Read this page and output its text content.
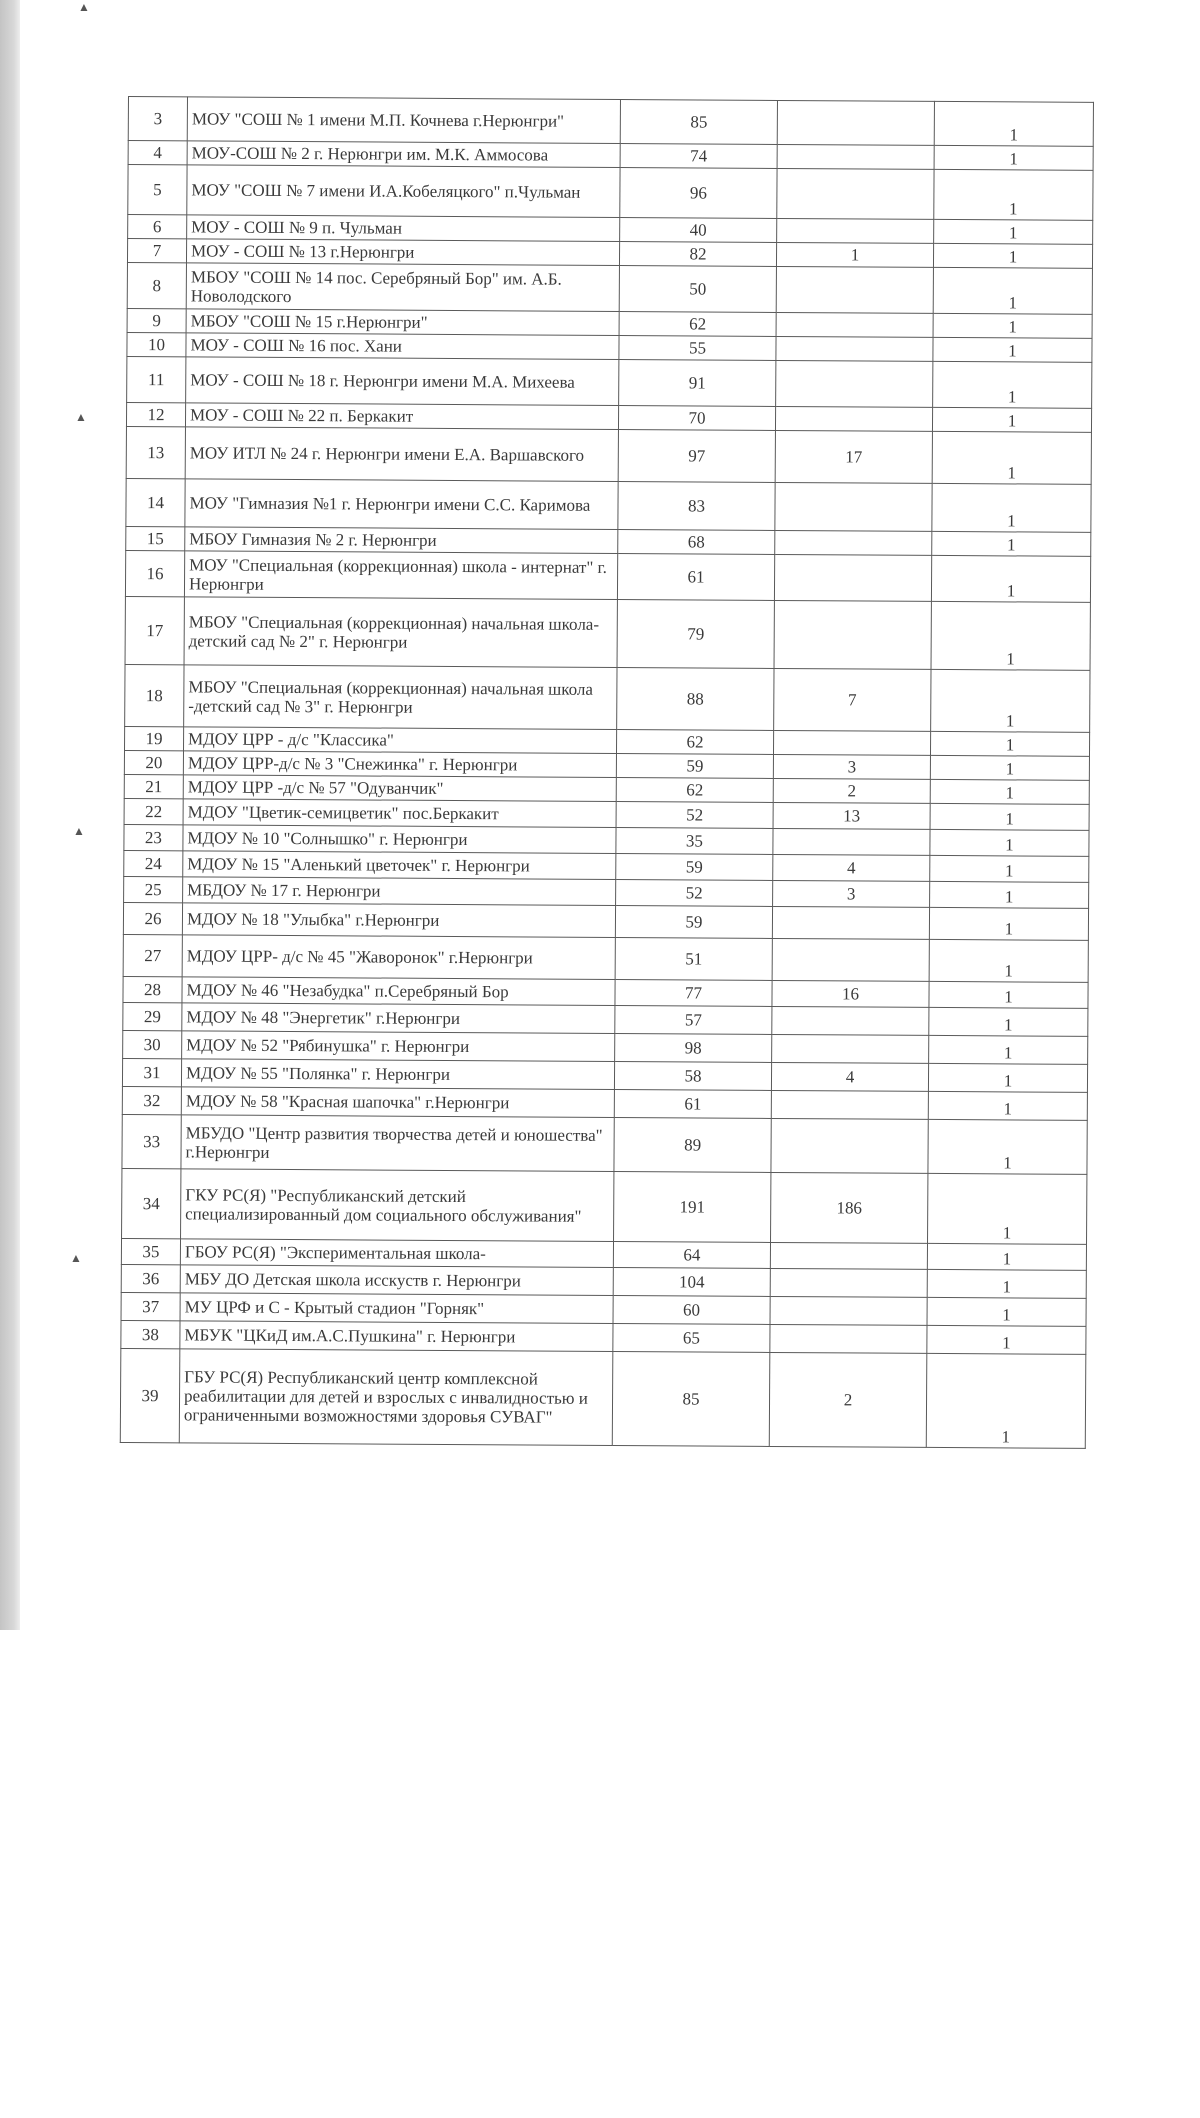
▲
▲
▲
▲
3	МОУ "СОШ № 1 имени М.П. Кочнева г.Нерюнгри"	85		1
4	МОУ-СОШ № 2 г. Нерюнгри им. М.К. Аммосова	74		1
5	МОУ "СОШ № 7 имени И.А.Кобеляцкого" п.Чульман	96		1
6	МОУ - СОШ № 9 п. Чульман	40		1
7	МОУ - СОШ № 13 г.Нерюнгри	82	1	1
8	МБОУ "СОШ № 14 пос. Серебряный Бор" им. А.Б. Новолодского	50		1
9	МБОУ "СОШ № 15 г.Нерюнгри"	62		1
10	МОУ - СОШ № 16 пос. Хани	55		1
11	МОУ - СОШ № 18 г. Нерюнгри имени М.А. Михеева	91		1
12	МОУ - СОШ № 22 п. Беркакит	70		1
13	МОУ ИТЛ № 24 г. Нерюнгри имени Е.А. Варшавского	97	17	1
14	МОУ "Гимназия №1 г. Нерюнгри имени С.С. Каримова	83		1
15	МБОУ Гимназия № 2 г. Нерюнгри	68		1
16	МОУ "Специальная (коррекционная) школа - интернат" г. Нерюнгри	61		1
17	МБОУ "Специальная (коррекционная) начальная школа-детский сад № 2" г. Нерюнгри	79		1
18	МБОУ "Специальная (коррекционная) начальная школа -детский сад № 3" г. Нерюнгри	88	7	1
19	МДОУ ЦРР - д/с "Классика"	62		1
20	МДОУ ЦРР-д/с № 3 "Снежинка" г. Нерюнгри	59	3	1
21	МДОУ ЦРР -д/с № 57 "Одуванчик"	62	2	1
22	МДОУ "Цветик-семицветик" пос.Беркакит	52	13	1
23	МДОУ № 10 "Солнышко" г. Нерюнгри	35		1
24	МДОУ № 15 "Аленький цветочек" г. Нерюнгри	59	4	1
25	МБДОУ № 17 г. Нерюнгри	52	3	1
26	МДОУ № 18 "Улыбка" г.Нерюнгри	59		1
27	МДОУ ЦРР- д/с № 45 "Жаворонок" г.Нерюнгри	51		1
28	МДОУ № 46 "Незабудка" п.Серебряный Бор	77	16	1
29	МДОУ № 48 "Энергетик" г.Нерюнгри	57		1
30	МДОУ № 52 "Рябинушка" г. Нерюнгри	98		1
31	МДОУ № 55 "Полянка" г. Нерюнгри	58	4	1
32	МДОУ № 58 "Красная шапочка" г.Нерюнгри	61		1
33	МБУДО "Центр развития творчества детей и юношества" г.Нерюнгри	89		1
34	ГКУ РС(Я) "Республиканский детский специализированный дом социального обслуживания"	191	186	1
35	ГБОУ РС(Я) "Экспериментальная школа-	64		1
36	МБУ ДО Детская школа исскуств г. Нерюнгри	104		1
37	МУ ЦРФ и С - Крытый стадион "Горняк"	60		1
38	МБУК "ЦКиД им.А.С.Пушкина" г. Нерюнгри	65		1
39	ГБУ РС(Я) Республиканский центр комплексной реабилитации для детей и взрослых с инвалидностью и ограниченными возможностями здоровья СУВАГ"	85	2	1
